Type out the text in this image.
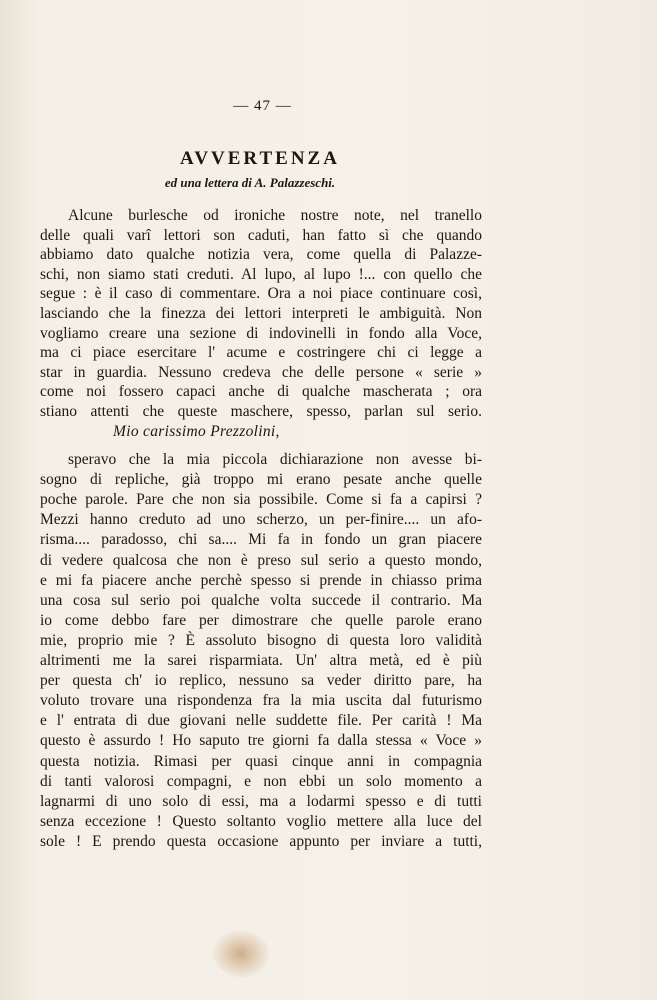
— 47 —
AVVERTENZA
ed una lettera di A. Palazzeschi.
Alcune burlesche od ironiche nostre note, nel tranello
delle quali varî lettori son caduti, han fatto sì che quando
abbiamo dato qualche notizia vera, come quella di Palazze-
schi, non siamo stati creduti. Al lupo, al lupo !... con quello che
segue : è il caso di commentare. Ora a noi piace continuare così,
lasciando che la finezza dei lettori interpreti le ambiguità. Non
vogliamo creare una sezione di indovinelli in fondo alla Voce,
ma ci piace esercitare l' acume e costringere chi ci legge a
star in guardia. Nessuno credeva che delle persone « serie »
come noi fossero capaci anche di qualche mascherata ; ora
stiano attenti che queste maschere, spesso, parlan sul serio.
Mio carissimo Prezzolini,
speravo che la mia piccola dichiarazione non avesse bi-
sogno di repliche, già troppo mi erano pesate anche quelle
poche parole. Pare che non sia possibile. Come si fa a capirsi ?
Mezzi hanno creduto ad uno scherzo, un per-finire.... un afo-
risma.... paradosso, chi sa.... Mi fa in fondo un gran piacere
di vedere qualcosa che non è preso sul serio a questo mondo,
e mi fa piacere anche perchè spesso si prende in chiasso prima
una cosa sul serio poi qualche volta succede il contrario. Ma
io come debbo fare per dimostrare che quelle parole erano
mie, proprio mie ? È assoluto bisogno di questa loro validità
altrimenti me la sarei risparmiata. Un' altra metà, ed è più
per questa ch' io replico, nessuno sa veder diritto pare, ha
voluto trovare una rispondenza fra la mia uscita dal futurismo
e l' entrata di due giovani nelle suddette file. Per carità ! Ma
questo è assurdo ! Ho saputo tre giorni fa dalla stessa « Voce »
questa notizia. Rimasi per quasi cinque anni in compagnia
di tanti valorosi compagni, e non ebbi un solo momento a
lagnarmi di uno solo di essi, ma a lodarmi spesso e di tutti
senza eccezione ! Questo soltanto voglio mettere alla luce del
sole ! E prendo questa occasione appunto per inviare a tutti,
